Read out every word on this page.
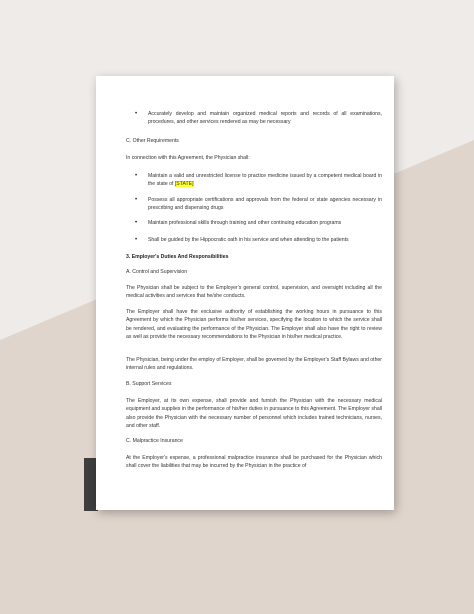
• Accurately develop and maintain organized medical reports and records of all examinations, procedures, and other services rendered as may be necessary
C. Other Requirements
In connection with this Agreement, the Physician shall:
• Maintain a valid and unrestricted license to practice medicine issued by a competent medical board in the state of [STATE]
• Possess all appropriate certifications and approvals from the federal or state agencies necessary in prescribing and dispensing drugs
• Maintain professional skills through training and other continuing education programs
• Shall be guided by the Hippocratic oath in his service and when attending to the patients
3. Employer's Duties And Responsibilities
A. Control and Supervision
The Physician shall be subject to the Employer's general control, supervision, and oversight including all the medical activities and services that he/she conducts.
The Employer shall have the exclusive authority of establishing the working hours in pursuance to this Agreement by which the Physician performs his/her services, specifying the location to which the service shall be rendered, and evaluating the performance of the Physician. The Employer shall also have the right to review as well as provide the necessary recommendations to the Physician in his/her medical practice.
The Physician, being under the employ of Employer, shall be governed by the Employer's Staff Bylaws and other internal rules and regulations.
B. Support Services
The Employer, at its own expense, shall provide and furnish the Physician with the necessary medical equipment and supplies in the performance of his/her duties in pursuance to this Agreement. The Employer shall also provide the Physician with the necessary number of personnel which includes trained technicians, nurses, and other staff.
C. Malpractice Insurance
At the Employer's expense, a professional malpractice insurance shall be purchased for the Physician which shall cover the liabilities that may be incurred by the Physician in the practice of
